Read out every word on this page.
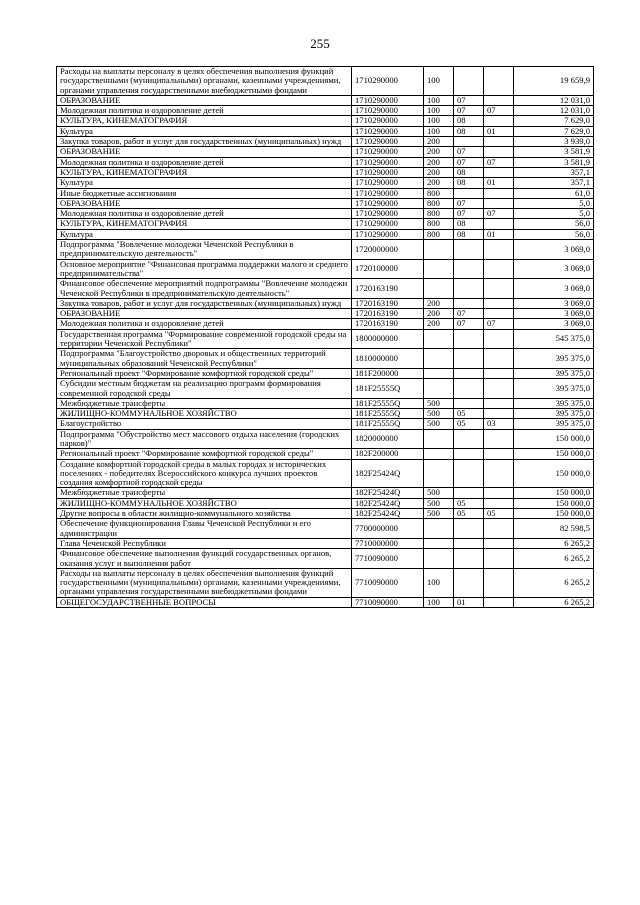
255
Расходы на выплаты персоналу в целях обеспечения выполнения функций государственными (муниципальными) органами, казенными учреждениями, органами управления государственными внебюджетными фондами	1710290000	100			19 659,9
ОБРАЗОВАНИЕ	1710290000	100	07		12 031,0
Молодежная политика и оздоровление детей	1710290000	100	07	07	12 031,0
КУЛЬТУРА, КИНЕМАТОГРАФИЯ	1710290000	100	08		7 629,0
Культура	1710290000	100	08	01	7 629,0
Закупка товаров, работ и услуг для государственных (муниципальных) нужд	1710290000	200			3 939,0
ОБРАЗОВАНИЕ	1710290000	200	07		3 581,9
Молодежная политика и оздоровление детей	1710290000	200	07	07	3 581,9
КУЛЬТУРА, КИНЕМАТОГРАФИЯ	1710290000	200	08		357,1
Культура	1710290000	200	08	01	357,1
Иные бюджетные ассигнования	1710290000	800			61,0
ОБРАЗОВАНИЕ	1710290000	800	07		5,0
Молодежная политика и оздоровление детей	1710290000	800	07	07	5,0
КУЛЬТУРА, КИНЕМАТОГРАФИЯ	1710290000	800	08		56,0
Культура	1710290000	800	08	01	56,0
Подпрограмма "Вовлечение молодежи Чеченской Республики в предпринимательскую деятельность"	1720000000				3 069,0
Основное мероприятие "Финансовая программа поддержки малого и среднего предпринимательства"	1720100000				3 069,0
Финансовое обеспечение мероприятий подпрограммы "Вовлечение молодежи Чеченской Республики в предпринимательскую деятельность"	1720163190				3 069,0
Закупка товаров, работ и услуг для государственных (муниципальных) нужд	1720163190	200			3 069,0
ОБРАЗОВАНИЕ	1720163190	200	07		3 069,0
Молодежная политика и оздоровление детей	1720163190	200	07	07	3 069,0
Государственная программа "Формирование современной городской среды на территории Чеченской Республики"	1800000000				545 375,0
Подпрограмма "Благоустройство дворовых и общественных территорий муниципальных образований Чеченской Республики"	1810000000				395 375,0
Региональный проект "Формирование комфортной городской среды"	181F200000				395 375,0
Субсидии местным бюджетам на реализацию программ формирования современной городской среды	181F25555Q				395 375,0
Межбюджетные трансферты	181F25555Q	500			395 375,0
ЖИЛИЩНО-КОММУНАЛЬНОЕ ХОЗЯЙСТВО	181F25555Q	500	05		395 375,0
Благоустройство	181F25555Q	500	05	03	395 375,0
Подпрограмма "Обустройство мест массового отдыха населения (городских парков)"	1820000000				150 000,0
Региональный проект "Формирование комфортной городской среды"	182F200000				150 000,0
Создание комфортной городской среды в малых городах и исторических поселениях - победителях Всероссийского конкурса лучших проектов создания комфортной городской среды	182F25424Q				150 000,0
Межбюджетные трансферты	182F25424Q	500			150 000,0
ЖИЛИЩНО-КОММУНАЛЬНОЕ ХОЗЯЙСТВО	182F25424Q	500	05		150 000,0
Другие вопросы в области жилищно-коммунального хозяйства	182F25424Q	500	05	05	150 000,0
Обеспечение функционирования Главы Чеченской Республики и его администрации	7700000000				82 598,5
Глава Чеченской Республики	7710000000				6 265,2
Финансовое обеспечение выполнения функций государственных органов, оказания услуг и выполнения работ	7710090000				6 265,2
Расходы на выплаты персоналу в целях обеспечения выполнения функций государственными (муниципальными) органами, казенными учреждениями, органами управления государственными внебюджетными фондами	7710090000	100			6 265,2
ОБЩЕГОСУДАРСТВЕННЫЕ ВОПРОСЫ	7710090000	100	01		6 265,2
